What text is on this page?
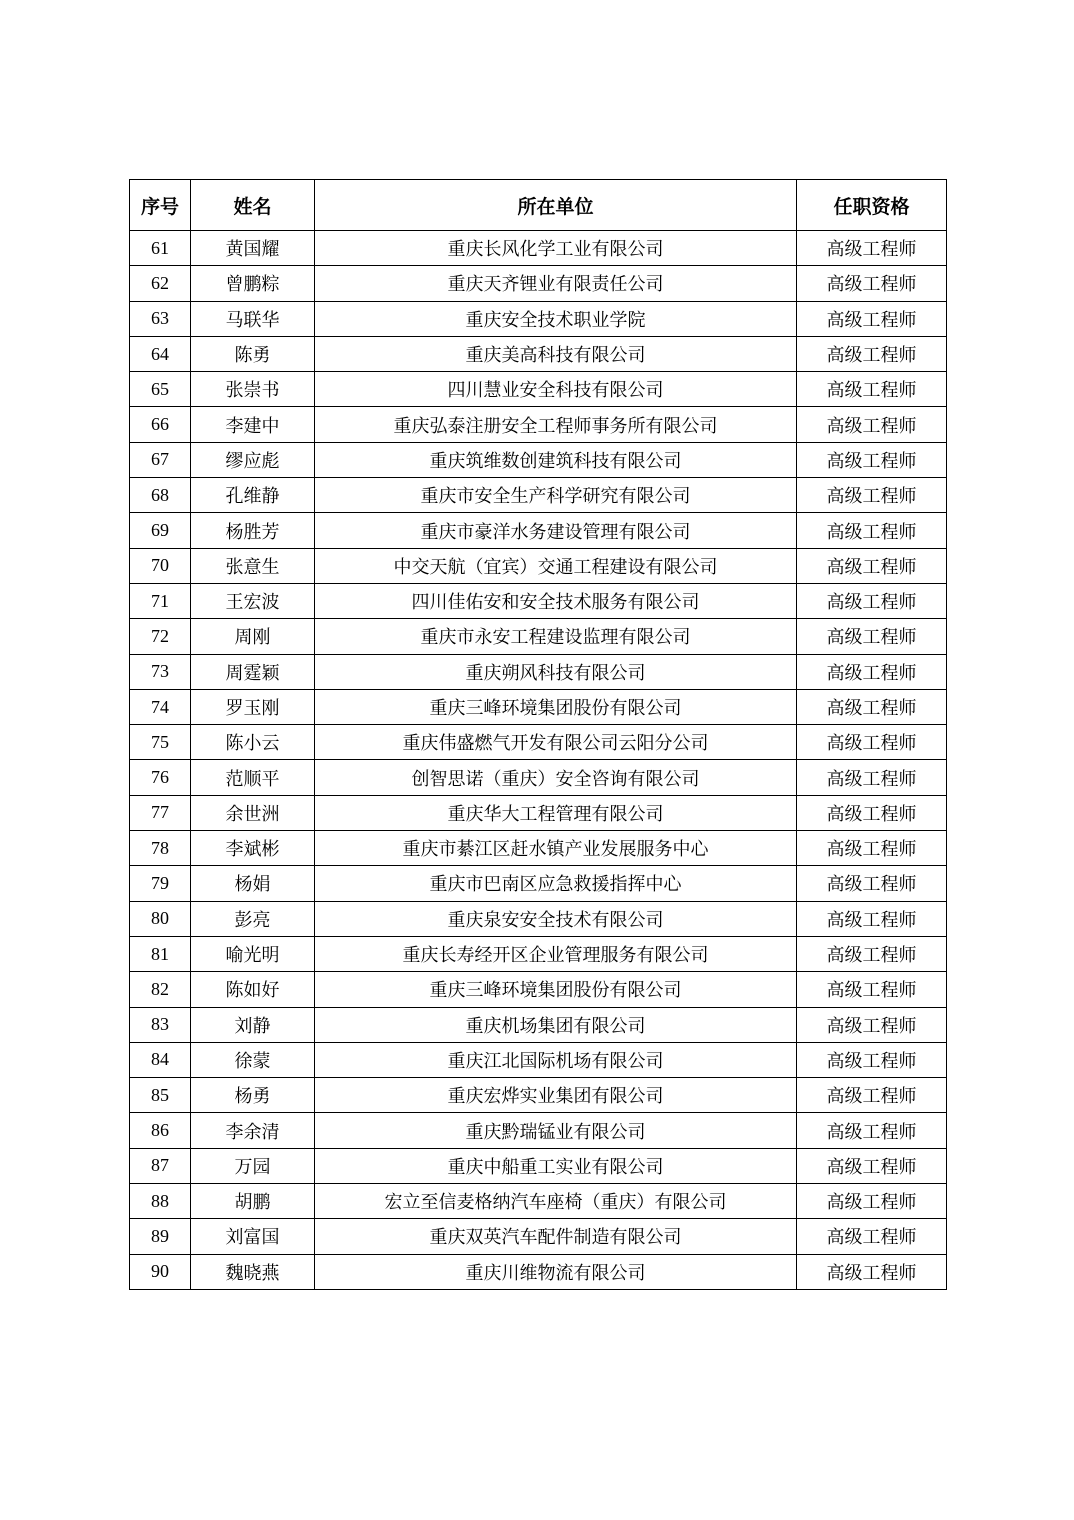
序号	姓名	所在单位	任职资格
61	黄国耀	重庆长风化学工业有限公司	高级工程师
62	曾鹏粽	重庆天齐锂业有限责任公司	高级工程师
63	马联华	重庆安全技术职业学院	高级工程师
64	陈勇	重庆美高科技有限公司	高级工程师
65	张崇书	四川慧业安全科技有限公司	高级工程师
66	李建中	重庆弘泰注册安全工程师事务所有限公司	高级工程师
67	缪应彪	重庆筑维数创建筑科技有限公司	高级工程师
68	孔维静	重庆市安全生产科学研究有限公司	高级工程师
69	杨胜芳	重庆市豪洋水务建设管理有限公司	高级工程师
70	张意生	中交天航（宜宾）交通工程建设有限公司	高级工程师
71	王宏波	四川佳佑安和安全技术服务有限公司	高级工程师
72	周刚	重庆市永安工程建设监理有限公司	高级工程师
73	周霆颖	重庆朔风科技有限公司	高级工程师
74	罗玉刚	重庆三峰环境集团股份有限公司	高级工程师
75	陈小云	重庆伟盛燃气开发有限公司云阳分公司	高级工程师
76	范顺平	创智思诺（重庆）安全咨询有限公司	高级工程师
77	余世洲	重庆华大工程管理有限公司	高级工程师
78	李斌彬	重庆市綦江区赶水镇产业发展服务中心	高级工程师
79	杨娟	重庆市巴南区应急救援指挥中心	高级工程师
80	彭亮	重庆泉安安全技术有限公司	高级工程师
81	喻光明	重庆长寿经开区企业管理服务有限公司	高级工程师
82	陈如好	重庆三峰环境集团股份有限公司	高级工程师
83	刘静	重庆机场集团有限公司	高级工程师
84	徐蒙	重庆江北国际机场有限公司	高级工程师
85	杨勇	重庆宏烨实业集团有限公司	高级工程师
86	李余清	重庆黔瑞锰业有限公司	高级工程师
87	万园	重庆中船重工实业有限公司	高级工程师
88	胡鹏	宏立至信麦格纳汽车座椅（重庆）有限公司	高级工程师
89	刘富国	重庆双英汽车配件制造有限公司	高级工程师
90	魏晓燕	重庆川维物流有限公司	高级工程师
